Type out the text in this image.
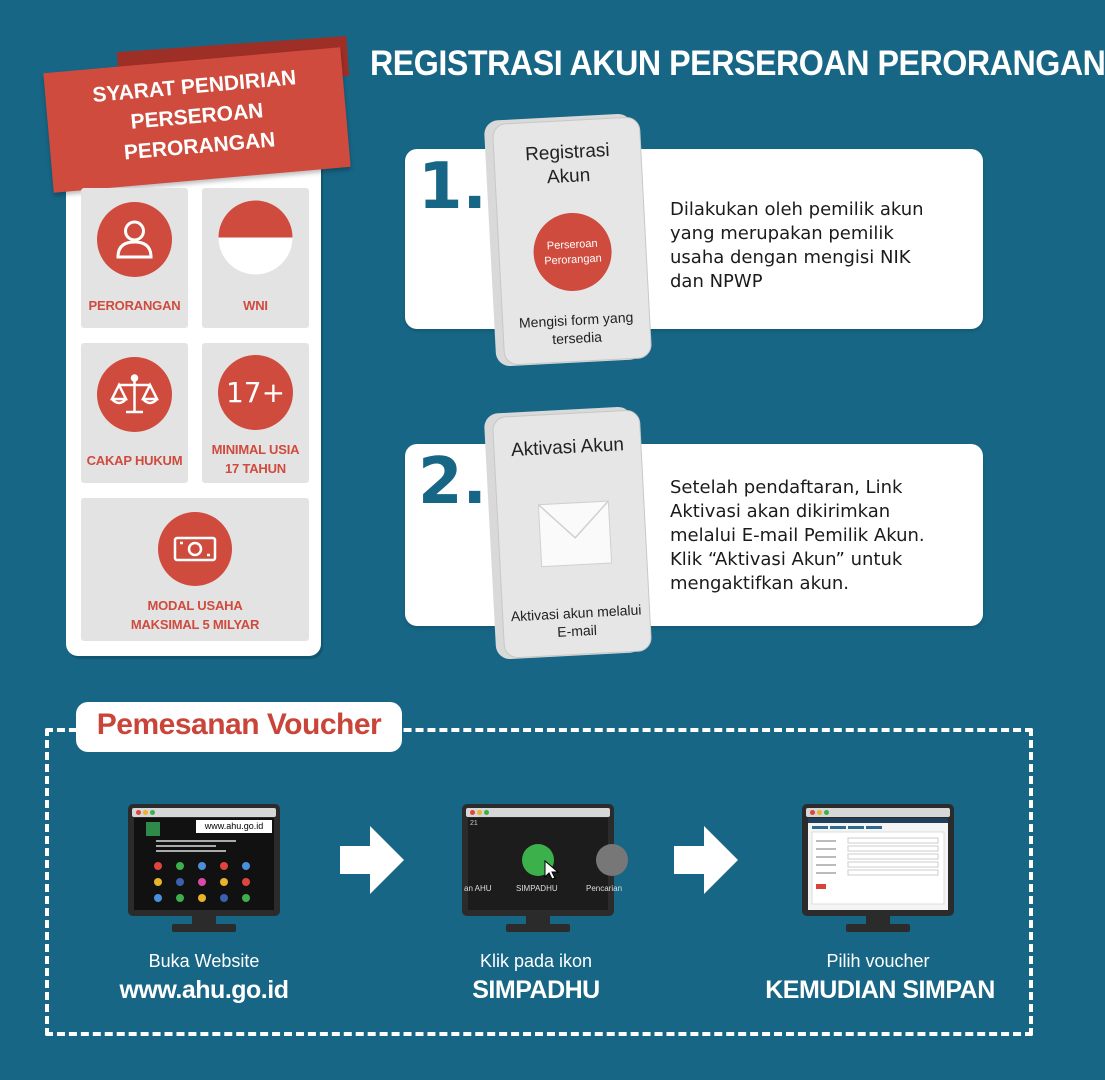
REGISTRASI AKUN PERSEROAN PERORANGAN
SYARAT PENDIRIAN
PERSEROAN PERORANGAN
PERORANGAN	WNI
CAKAP HUKUM
17+
MINIMAL USIA
17 TAHUN
MODAL USAHA
MAKSIMAL 5 MILYAR
1.	Registrasi
Akun
Perseroan
Perorangan
Mengisi form yang
tersedia
Dilakukan oleh pemilik akun
yang merupakan pemilik
usaha dengan mengisi NIK
dan NPWP
2.	Aktivasi Akun
Aktivasi akun melalui
E-mail
Setelah pendaftaran, Link
Aktivasi akan dikirimkan
melalui E-mail Pemilik Akun.
Klik “Aktivasi Akun” untuk
mengaktifkan akun.
Pemesanan Voucher
www.ahu.go.id	21
an AHU	SIMPADHU	Pencarian
Buka Website
www.ahu.go.id
Klik pada ikon
SIMPADHU
Pilih voucher
KEMUDIAN SIMPAN
